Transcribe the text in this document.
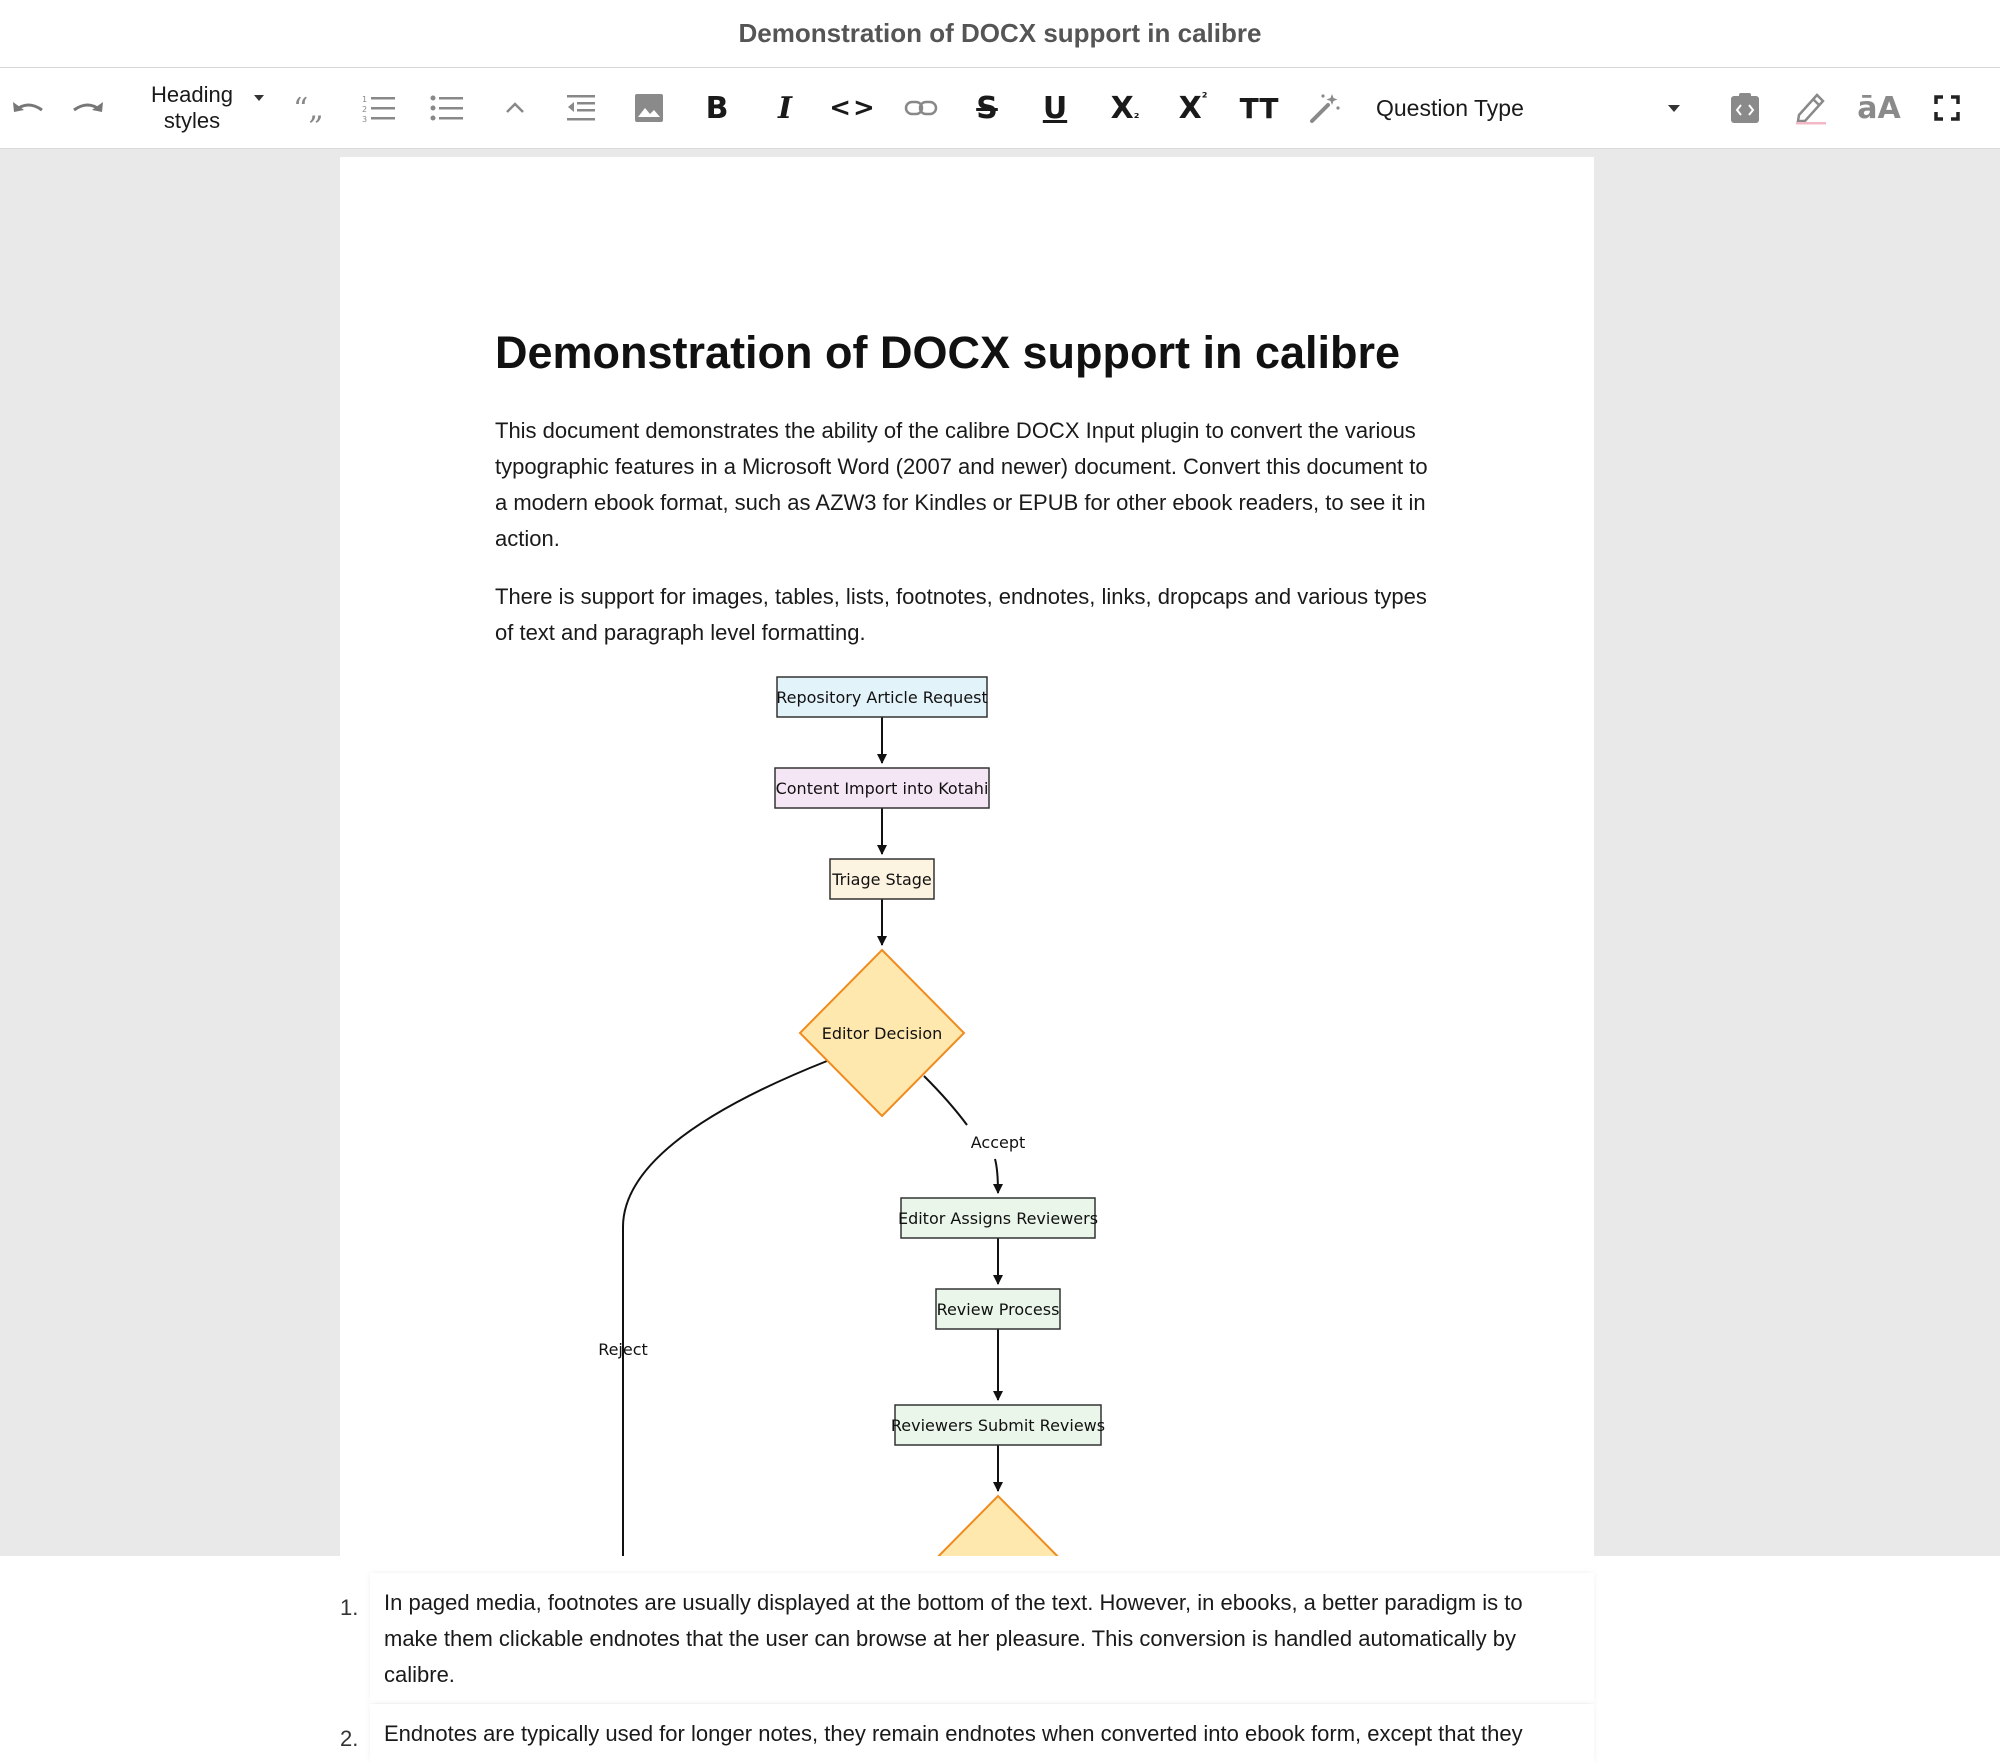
Demonstration of DOCX support in calibre
Heading styles	“„	1
2
3	B I <>	S U X₂ $X^{^2}$ TT	Question Type	āA
Demonstration of DOCX support in calibre

This document demonstrates the ability of the calibre DOCX Input plugin to convert the various typographic features in a Microsoft Word (2007 and newer) document. Convert this document to a modern ebook format, such as AZW3 for Kindles or EPUB for other ebook readers, to see it in action.

There is support for images, tables, lists, footnotes, endnotes, links, dropcaps and various types of text and paragraph level formatting.

Repository Article Request
Content Import into Kotahi
Triage Stage
Editor Decision
Accept
Reject
Editor Assigns Reviewers
Review Process
Reviewers Submit Reviews
1.	In paged media, footnotes are usually displayed at the bottom of the text. However, in ebooks, a better paradigm is to make them clickable endnotes that the user can browse at her pleasure. This conversion is handled automatically by calibre.
2.	Endnotes are typically used for longer notes, they remain endnotes when converted into ebook form, except that they
